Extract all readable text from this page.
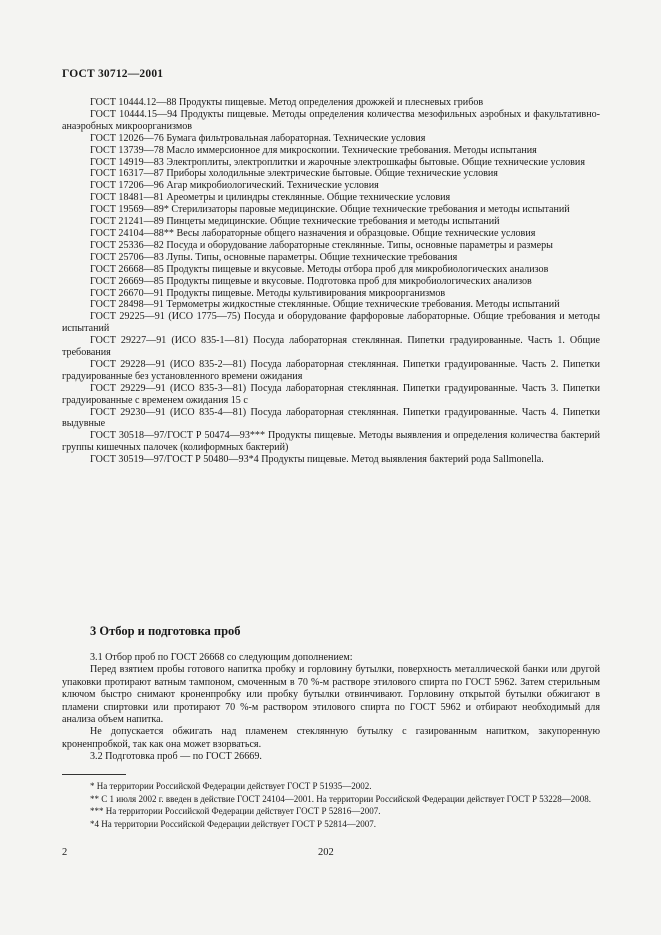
ГОСТ 30712—2001

ГОСТ 10444.12—88 Продукты пищевые. Метод определения дрожжей и плесневых грибов

ГОСТ 10444.15—94 Продукты пищевые. Методы определения количества мезофильных аэробных и факультативно-анаэробных микроорганизмов

ГОСТ 12026—76 Бумага фильтровальная лабораторная. Технические условия

ГОСТ 13739—78 Масло иммерсионное для микроскопии. Технические требования. Методы испытания

ГОСТ 14919—83 Электроплиты, электроплитки и жарочные электрошкафы бытовые. Общие технические условия

ГОСТ 16317—87 Приборы холодильные электрические бытовые. Общие технические условия

ГОСТ 17206—96 Агар микробиологический. Технические условия

ГОСТ 18481—81 Ареометры и цилиндры стеклянные. Общие технические условия

ГОСТ 19569—89* Стерилизаторы паровые медицинские. Общие технические требования и методы испытаний

ГОСТ 21241—89 Пинцеты медицинские. Общие технические требования и методы испытаний

ГОСТ 24104—88** Весы лабораторные общего назначения и образцовые. Общие технические условия

ГОСТ 25336—82 Посуда и оборудование лабораторные стеклянные. Типы, основные параметры и размеры

ГОСТ 25706—83 Лупы. Типы, основные параметры. Общие технические требования

ГОСТ 26668—85 Продукты пищевые и вкусовые. Методы отбора проб для микробиологических анализов

ГОСТ 26669—85 Продукты пищевые и вкусовые. Подготовка проб для микробиологических анализов

ГОСТ 26670—91 Продукты пищевые. Методы культивирования микроорганизмов

ГОСТ 28498—91 Термометры жидкостные стеклянные. Общие технические требования. Методы испытаний

ГОСТ 29225—91 (ИСО 1775—75) Посуда и оборудование фарфоровые лабораторные. Общие требования и методы испытаний

ГОСТ 29227—91 (ИСО 835-1—81) Посуда лабораторная стеклянная. Пипетки градуированные. Часть 1. Общие требования

ГОСТ 29228—91 (ИСО 835-2—81) Посуда лабораторная стеклянная. Пипетки градуированные. Часть 2. Пипетки градуированные без установленного времени ожидания

ГОСТ 29229—91 (ИСО 835-3—81) Посуда лабораторная стеклянная. Пипетки градуированные. Часть 3. Пипетки градуированные с временем ожидания 15 с

ГОСТ 29230—91 (ИСО 835-4—81) Посуда лабораторная стеклянная. Пипетки градуированные. Часть 4. Пипетки выдувные

ГОСТ 30518—97/ГОСТ Р 50474—93*** Продукты пищевые. Методы выявления и определения количества бактерий группы кишечных палочек (колиформных бактерий)

ГОСТ 30519—97/ГОСТ Р 50480—93*4 Продукты пищевые. Метод выявления бактерий рода Sallmonella.

3 Отбор и подготовка проб

3.1 Отбор проб по ГОСТ 26668 со следующим дополнением:

Перед взятием пробы готового напитка пробку и горловину бутылки, поверхность металлической банки или другой упаковки протирают ватным тампоном, смоченным в 70 %-м растворе этилового спирта по ГОСТ 5962. Затем стерильным ключом быстро снимают кроненпробку или пробку бутылки отвинчивают. Горловину открытой бутылки обжигают в пламени спиртовки или протирают 70 %-м раствором этилового спирта по ГОСТ 5962 и отбирают необходимый для анализа объем напитка.

Не допускается обжигать над пламенем стеклянную бутылку с газированным напитком, закупоренную кроненпробкой, так как она может взорваться.

3.2 Подготовка проб — по ГОСТ 26669.

* На территории Российской Федерации действует ГОСТ Р 51935—2002.

** С 1 июля 2002 г. введен в действие ГОСТ 24104—2001. На территории Российской Федерации действует ГОСТ Р 53228—2008.

*** На территории Российской Федерации действует ГОСТ Р 52816—2007.

*4 На территории Российской Федерации действует ГОСТ Р 52814—2007.

2	202
